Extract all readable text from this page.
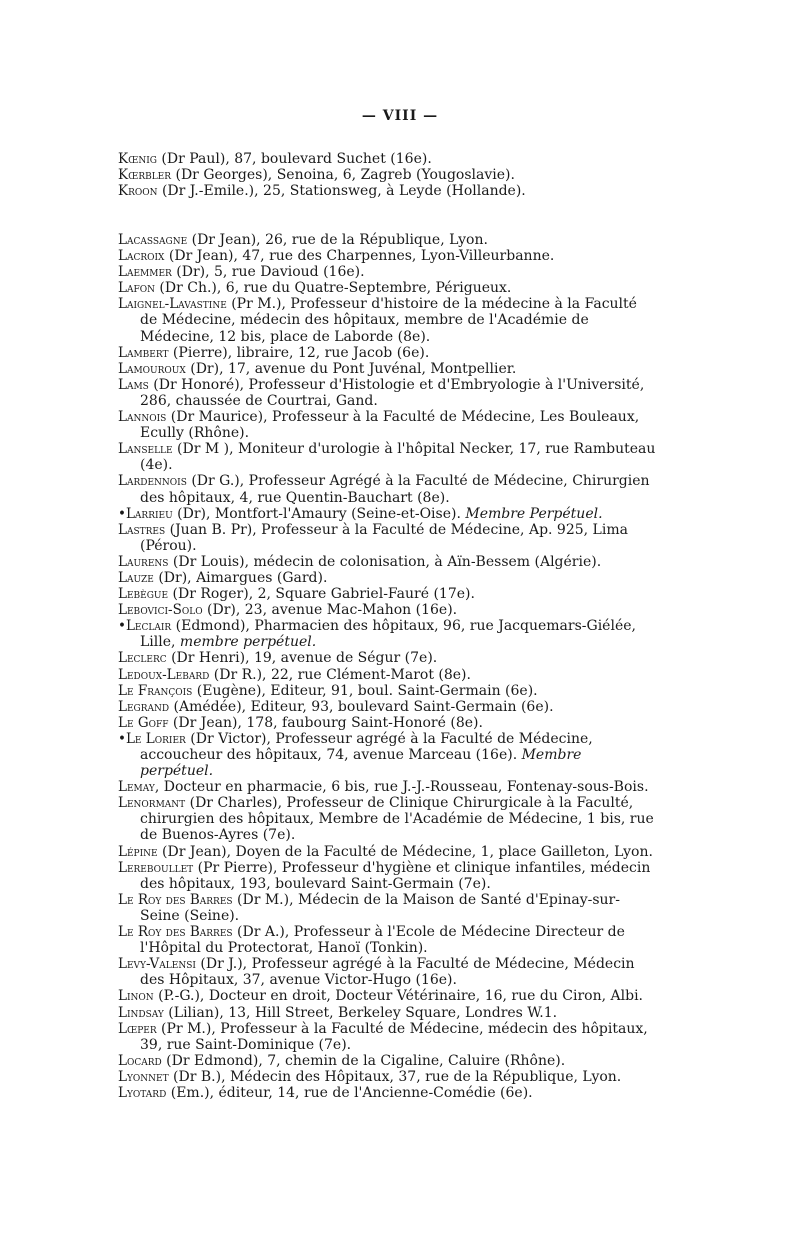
— VIII —
Kœnig (Dr Paul), 87, boulevard Suchet (16e).
Kœrbler (Dr Georges), Senoina, 6, Zagreb (Yougoslavie).
Kroon (Dr J.-Emile.), 25, Stationsweg, à Leyde (Hollande).
Lacassagne (Dr Jean), 26, rue de la République, Lyon.
Lacroix (Dr Jean), 47, rue des Charpennes, Lyon-Villeurbanne.
Laemmer (Dr), 5, rue Davioud (16e).
Lafon (Dr Ch.), 6, rue du Quatre-Septembre, Périgueux.
Laignel-Lavastine (Pr M.), Professeur d'histoire de la médecine à la Faculté de Médecine, médecin des hôpitaux, membre de l'Académie de Médecine, 12 bis, place de Laborde (8e).
Lambert (Pierre), libraire, 12, rue Jacob (6e).
Lamouroux (Dr), 17, avenue du Pont Juvénal, Montpellier.
Lams (Dr Honoré), Professeur d'Histologie et d'Embryologie à l'Université, 286, chaussée de Courtrai, Gand.
Lannois (Dr Maurice), Professeur à la Faculté de Médecine, Les Bouleaux, Ecully (Rhône).
Lanselle (Dr M ), Moniteur d'urologie à l'hôpital Necker, 17, rue Rambuteau (4e).
Lardennois (Dr G.), Professeur Agrégé à la Faculté de Médecine, Chirurgien des hôpitaux, 4, rue Quentin-Bauchart (8e).
•Larrieu (Dr), Montfort-l'Amaury (Seine-et-Oise). Membre Perpétuel.
Lastres (Juan B. Pr), Professeur à la Faculté de Médecine, Ap. 925, Lima (Pérou).
Laurens (Dr Louis), médecin de colonisation, à Aïn-Bessem (Algérie).
Lauze (Dr), Aimargues (Gard).
Lebègue (Dr Roger), 2, Square Gabriel-Fauré (17e).
Lebovici-Solo (Dr), 23, avenue Mac-Mahon (16e).
•Leclair (Edmond), Pharmacien des hôpitaux, 96, rue Jacquemars-Giélée, Lille, membre perpétuel.
Leclerc (Dr Henri), 19, avenue de Ségur (7e).
Ledoux-Lebard (Dr R.), 22, rue Clément-Marot (8e).
Le François (Eugène), Editeur, 91, boul. Saint-Germain (6e).
Legrand (Amédée), Editeur, 93, boulevard Saint-Germain (6e).
Le Goff (Dr Jean), 178, faubourg Saint-Honoré (8e).
•Le Lorier (Dr Victor), Professeur agrégé à la Faculté de Médecine, accoucheur des hôpitaux, 74, avenue Marceau (16e). Membre perpétuel.
Lemay, Docteur en pharmacie, 6 bis, rue J.-J.-Rousseau, Fontenay-sous-Bois.
Lenormant (Dr Charles), Professeur de Clinique Chirurgicale à la Faculté, chirurgien des hôpitaux, Membre de l'Académie de Médecine, 1 bis, rue de Buenos-Ayres (7e).
Lépine (Dr Jean), Doyen de la Faculté de Médecine, 1, place Gailleton, Lyon.
Lereboullet (Pr Pierre), Professeur d'hygiène et clinique infantiles, médecin des hôpitaux, 193, boulevard Saint-Germain (7e).
Le Roy des Barres (Dr M.), Médecin de la Maison de Santé d'Epinay-sur-Seine (Seine).
Le Roy des Barres (Dr A.), Professeur à l'Ecole de Médecine Directeur de l'Hôpital du Protectorat, Hanoï (Tonkin).
Levy-Valensi (Dr J.), Professeur agrégé à la Faculté de Médecine, Médecin des Hôpitaux, 37, avenue Victor-Hugo (16e).
Linon (P.-G.), Docteur en droit, Docteur Vétérinaire, 16, rue du Ciron, Albi.
Lindsay (Lilian), 13, Hill Street, Berkeley Square, Londres W.1.
Lœper (Pr M.), Professeur à la Faculté de Médecine, médecin des hôpitaux, 39, rue Saint-Dominique (7e).
Locard (Dr Edmond), 7, chemin de la Cigaline, Caluire (Rhône).
Lyonnet (Dr B.), Médecin des Hôpitaux, 37, rue de la République, Lyon.
Lyotard (Em.), éditeur, 14, rue de l'Ancienne-Comédie (6e).
